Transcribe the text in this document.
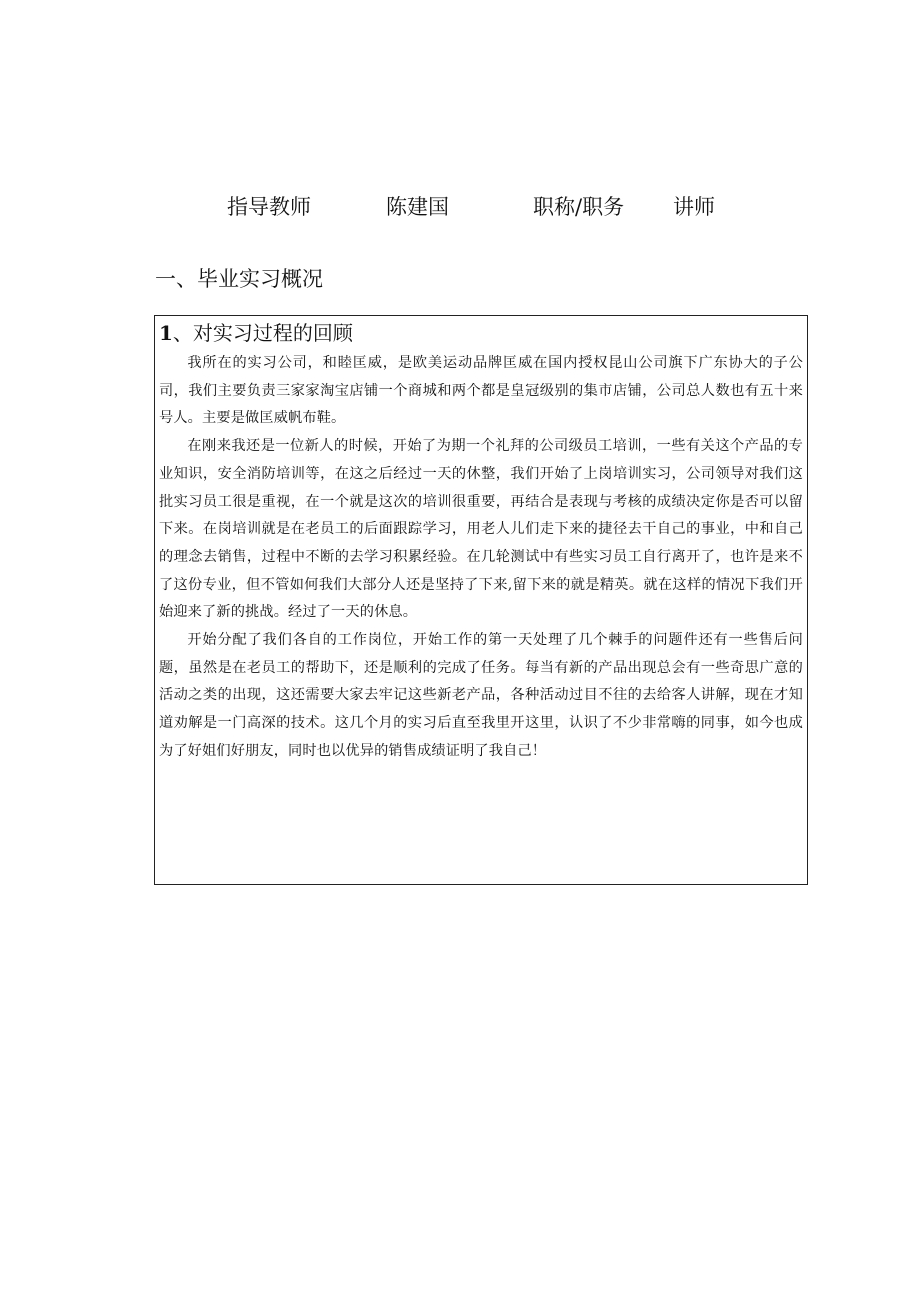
指导教师	陈建国	职称/职务 讲师
一、毕业实习概况
1、对实习过程的回顾

我所在的实习公司，和睦匡威，是欧美运动品牌匡威在国内授权昆山公司旗下广东协大的子公司，我们主要负责三家家淘宝店铺一个商城和两个都是皇冠级别的集市店铺，公司总人数也有五十来号人。主要是做匡威帆布鞋。

在刚来我还是一位新人的时候，开始了为期一个礼拜的公司级员工培训，一些有关这个产品的专业知识，安全消防培训等，在这之后经过一天的休整，我们开始了上岗培训实习，公司领导对我们这批实习员工很是重视，在一个就是这次的培训很重要，再结合是表现与考核的成绩决定你是否可以留下来。在岗培训就是在老员工的后面跟踪学习，用老人儿们走下来的捷径去干自己的事业，中和自己的理念去销售，过程中不断的去学习积累经验。在几轮测试中有些实习员工自行离开了，也许是来不了这份专业，但不管如何我们大部分人还是坚持了下来,留下来的就是精英。就在这样的情况下我们开始迎来了新的挑战。经过了一天的休息。

开始分配了我们各自的工作岗位，开始工作的第一天处理了几个棘手的问题件还有一些售后问题，虽然是在老员工的帮助下，还是顺利的完成了任务。每当有新的产品出现总会有一些奇思广意的活动之类的出现，这还需要大家去牢记这些新老产品，各种活动过目不往的去给客人讲解，现在才知道劝解是一门高深的技术。这几个月的实习后直至我里开这里，认识了不少非常嗨的同事，如今也成为了好姐们好朋友，同时也以优异的销售成绩证明了我自己！
